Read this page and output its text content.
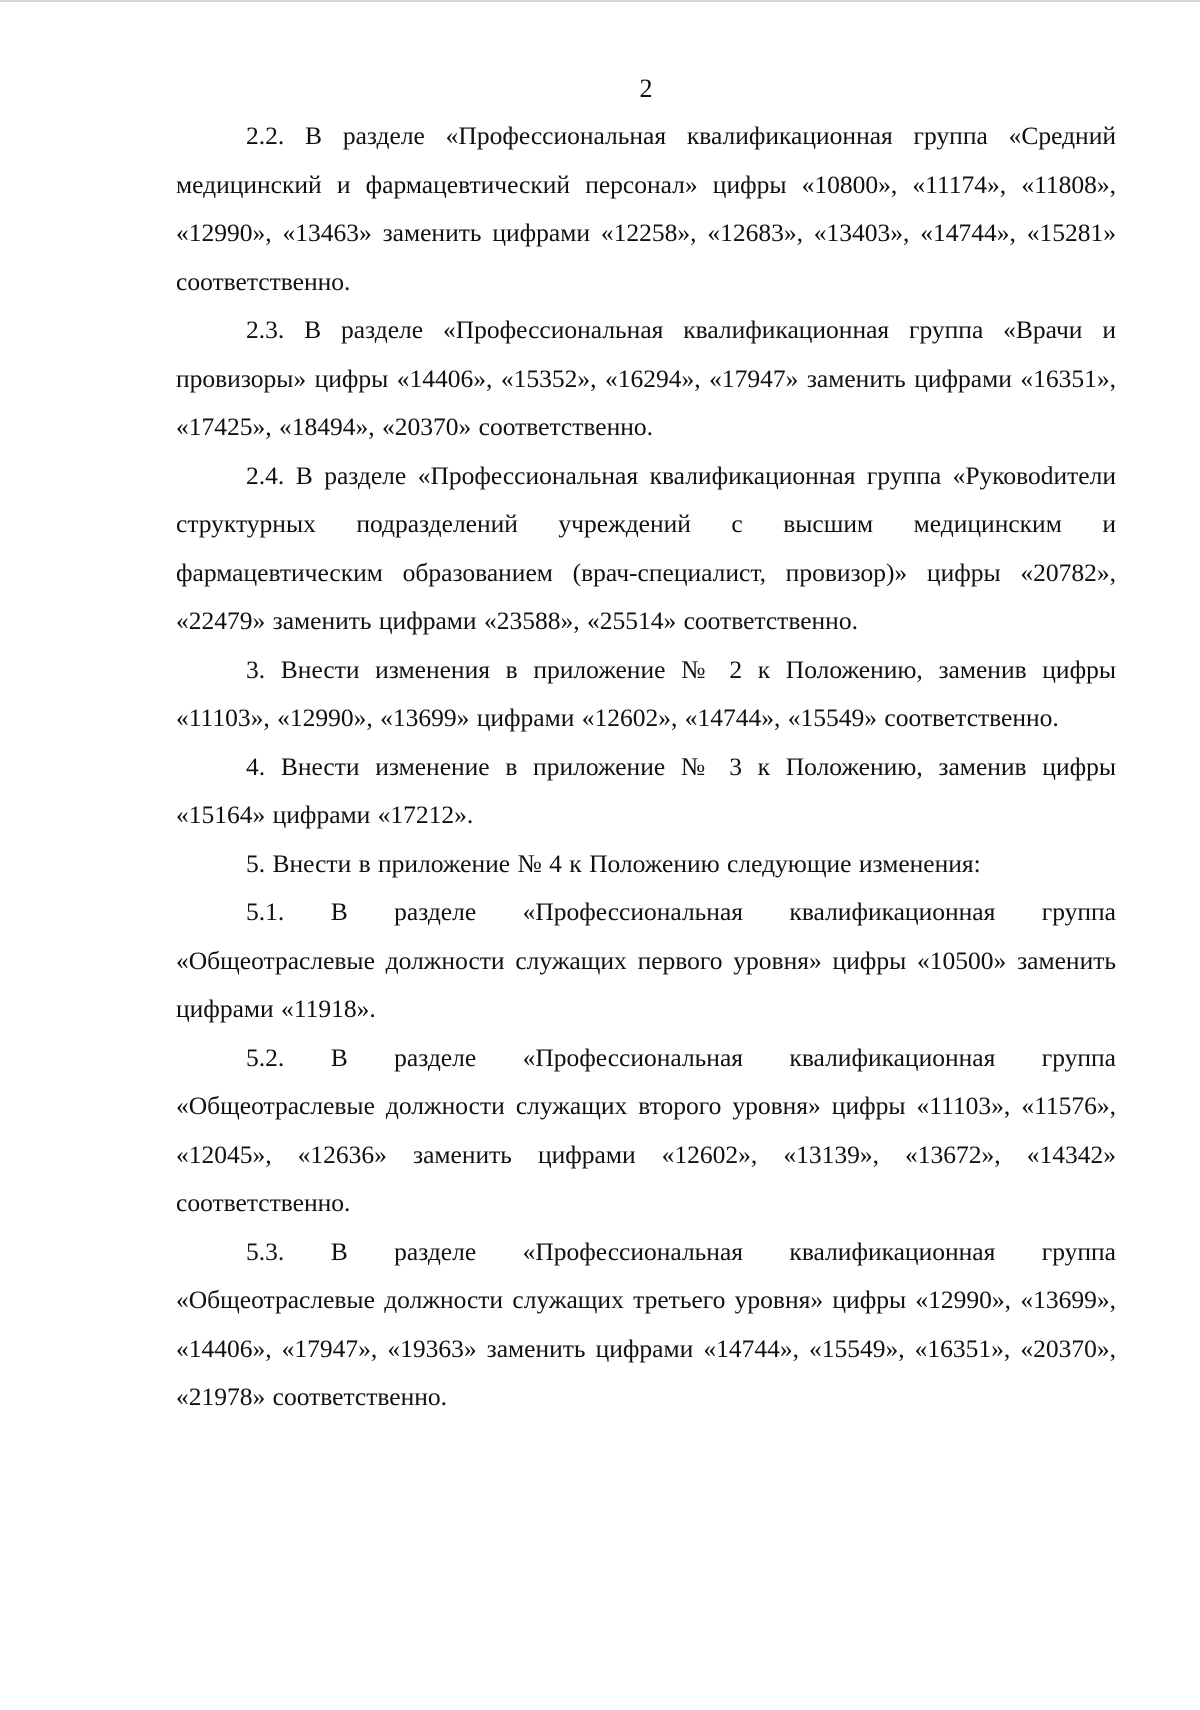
2

2.2. В разделе «Профессиональная квалификационная группа «Средний медицинский и фармацевтический персонал» цифры «10800», «11174», «11808», «12990», «13463» заменить цифрами «12258», «12683», «13403», «14744», «15281» соответственно.

2.3. В разделе «Профессиональная квалификационная группа «Врачи и провизоры» цифры «14406», «15352», «16294», «17947» заменить цифрами «16351», «17425», «18494», «20370» соответственно.

2.4. В разделе «Профессиональная квалификационная группа «Руковоdители структурных подразделений учреждений с высшим медицинским и фармацевтическим образованием (врач-специалист, провизор)» цифры «20782», «22479» заменить цифрами «23588», «25514» соответственно.

3. Внести изменения в приложение № 2 к Положению, заменив цифры «11103», «12990», «13699» цифрами «12602», «14744», «15549» соответственно.

4. Внести изменение в приложение № 3 к Положению, заменив цифры «15164» цифрами «17212».

5. Внести в приложение № 4 к Положению следующие изменения:

5.1. В разделе «Профессиональная квалификационная группа «Общеотраслевые должности служащих первого уровня» цифры «10500» заменить цифрами «11918».

5.2. В разделе «Профессиональная квалификационная группа «Общеотраслевые должности служащих второго уровня» цифры «11103», «11576», «12045», «12636» заменить цифрами «12602», «13139», «13672», «14342» соответственно.

5.3. В разделе «Профессиональная квалификационная группа «Общеотраслевые должности служащих третьего уровня» цифры «12990», «13699», «14406», «17947», «19363» заменить цифрами «14744», «15549», «16351», «20370», «21978» соответственно.
